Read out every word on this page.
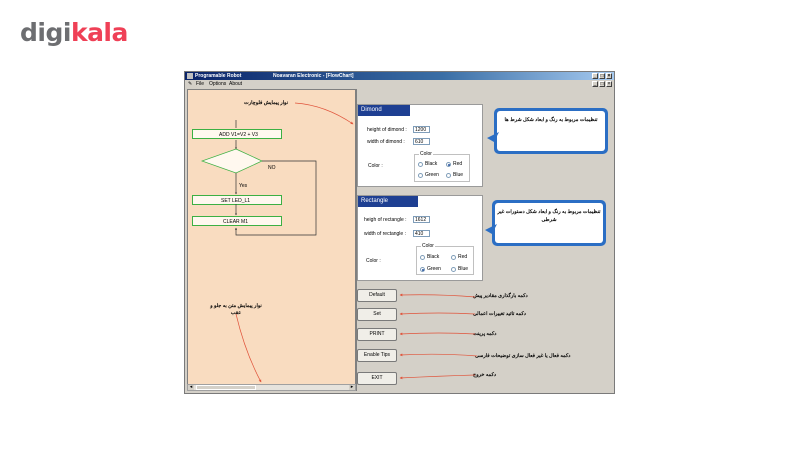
digikala
Programable Robot	Noavaran Electronic - [FlowChart]	_ □ ×
✎ File Options About	_ □ ×
نوار پیمایش فلوچارت
ADD V1=V2 + V3
NO
Yes
SET LED_L1
CLEAR M1
نوار پیمایش متن به جلو و عقب
◂	▸
Dimond
height of dimond :	1200
width of dimond :	610
Color :
Color
Black	Red
Green	Blue
Rectangle
heigh of rectangle :	1612
width of rectangle :	410
Color :
Color
Black	Red
Green	Blue
Default
Set
PRINT
Enable Tips
EXIT
تنظیمات مربوط به رنگ و ابعاد شکل شرط ها
تنظیمات مربوط به رنگ و ابعاد شکل دستورات غیر شرطی
دکمه بارگذاری مقادیر پیش
دکمه تائید تغییرات اعمالی
دکمه پرینت
دکمه فعال یا غیر فعال سازی توضیحات فارسی
دکمه خروج
